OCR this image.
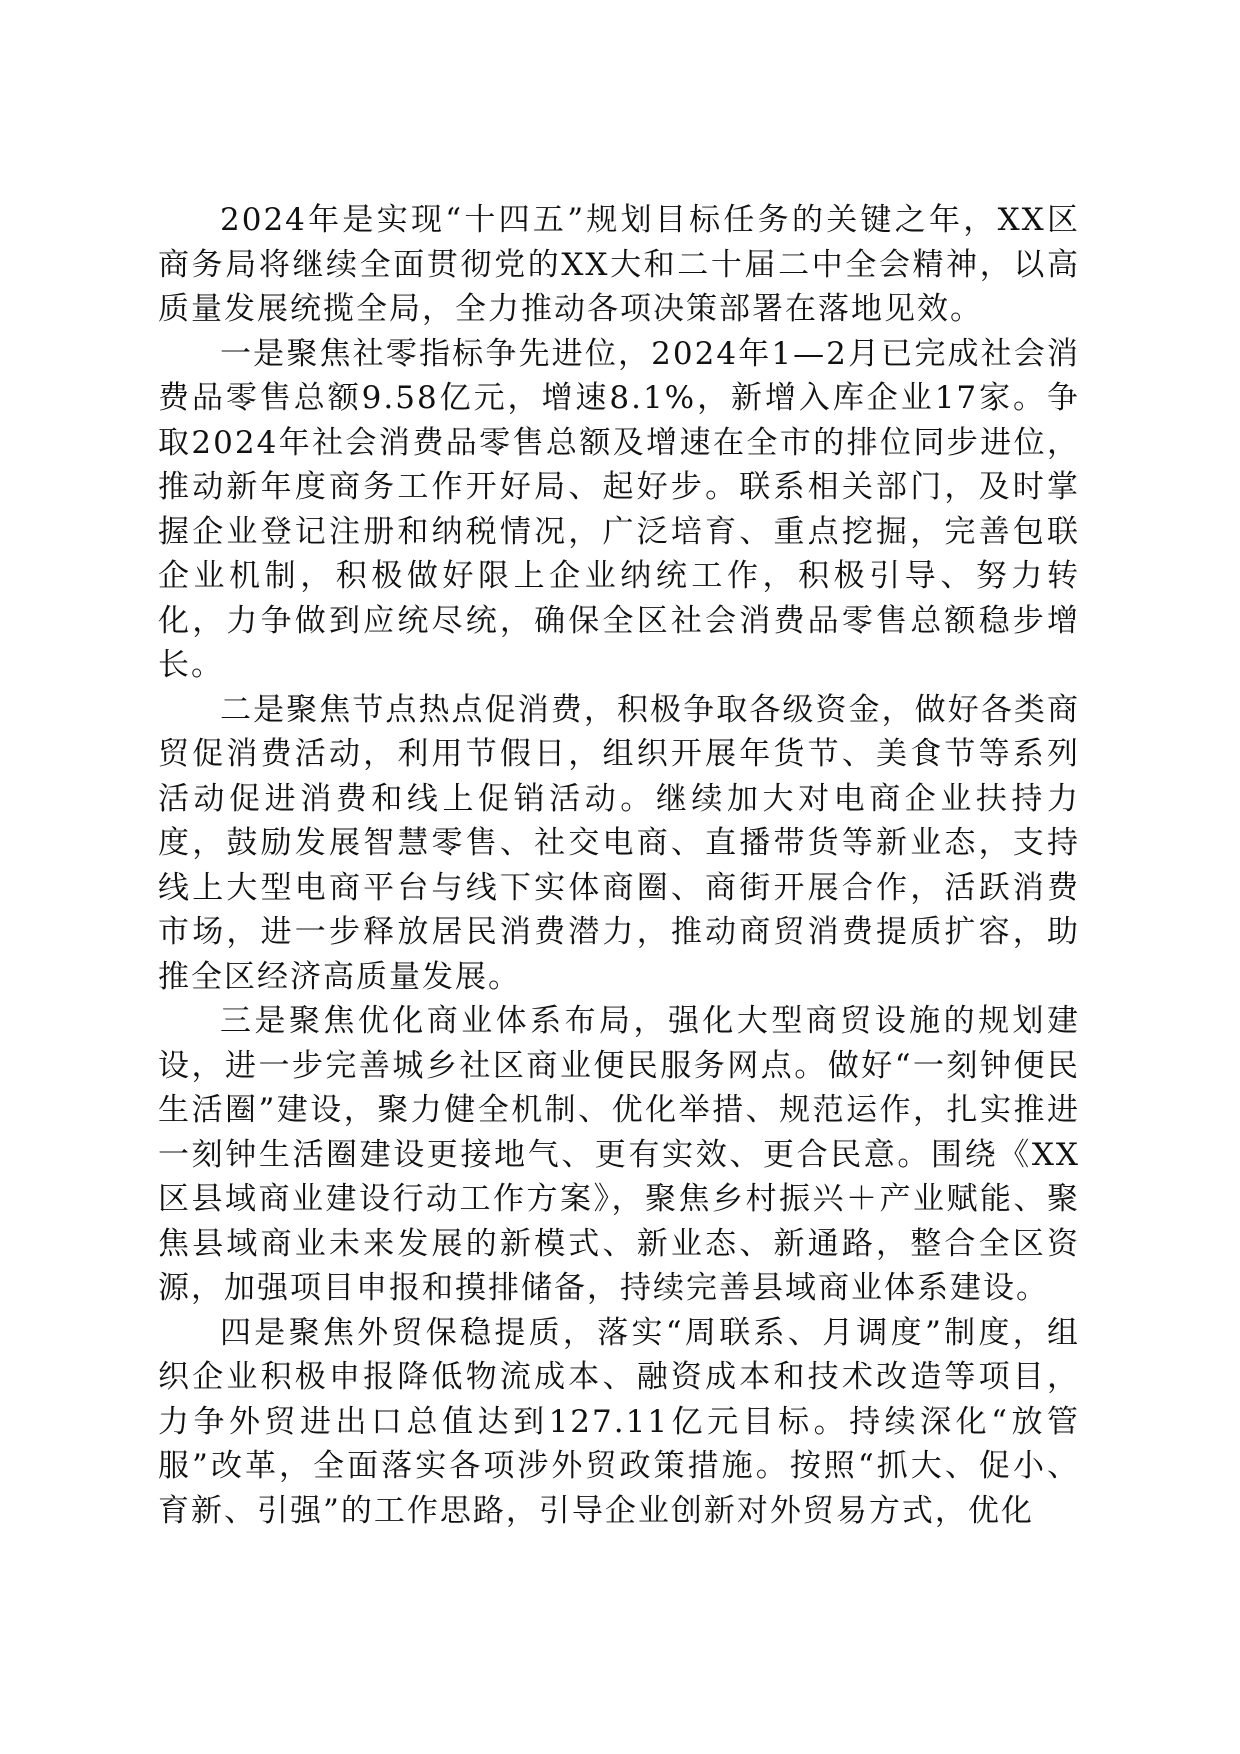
2024年是实现“十四五”规划目标任务的关键之年，XX区商务局将继续全面贯彻党的XX大和二十届二中全会精神，以高质量发展统揽全局，全力推动各项决策部署在落地见效。

一是聚焦社零指标争先进位，2024年1—2月已完成社会消费品零售总额9.58亿元，增速8.1%，新增入库企业17家。争取2024年社会消费品零售总额及增速在全市的排位同步进位，推动新年度商务工作开好局、起好步。联系相关部门，及时掌握企业登记注册和纳税情况，广泛培育、重点挖掘，完善包联企业机制，积极做好限上企业纳统工作，积极引导、努力转化，力争做到应统尽统，确保全区社会消费品零售总额稳步增长。

二是聚焦节点热点促消费，积极争取各级资金，做好各类商贸促消费活动，利用节假日，组织开展年货节、美食节等系列活动促进消费和线上促销活动。继续加大对电商企业扶持力度，鼓励发展智慧零售、社交电商、直播带货等新业态，支持线上大型电商平台与线下实体商圈、商街开展合作，活跃消费市场，进一步释放居民消费潜力，推动商贸消费提质扩容，助推全区经济高质量发展。

三是聚焦优化商业体系布局，强化大型商贸设施的规划建设，进一步完善城乡社区商业便民服务网点。做好“一刻钟便民生活圈”建设，聚力健全机制、优化举措、规范运作，扎实推进一刻钟生活圈建设更接地气、更有实效、更合民意。围绕《XX区县域商业建设行动工作方案》，聚焦乡村振兴＋产业赋能、聚焦县域商业未来发展的新模式、新业态、新通路，整合全区资源，加强项目申报和摸排储备，持续完善县域商业体系建设。

四是聚焦外贸保稳提质，落实“周联系、月调度”制度，组织企业积极申报降低物流成本、融资成本和技术改造等项目，力争外贸进出口总值达到127.11亿元目标。持续深化“放管服”改革，全面落实各项涉外贸政策措施。按照“抓大、促小、育新、引强”的工作思路，引导企业创新对外贸易方式，优化
